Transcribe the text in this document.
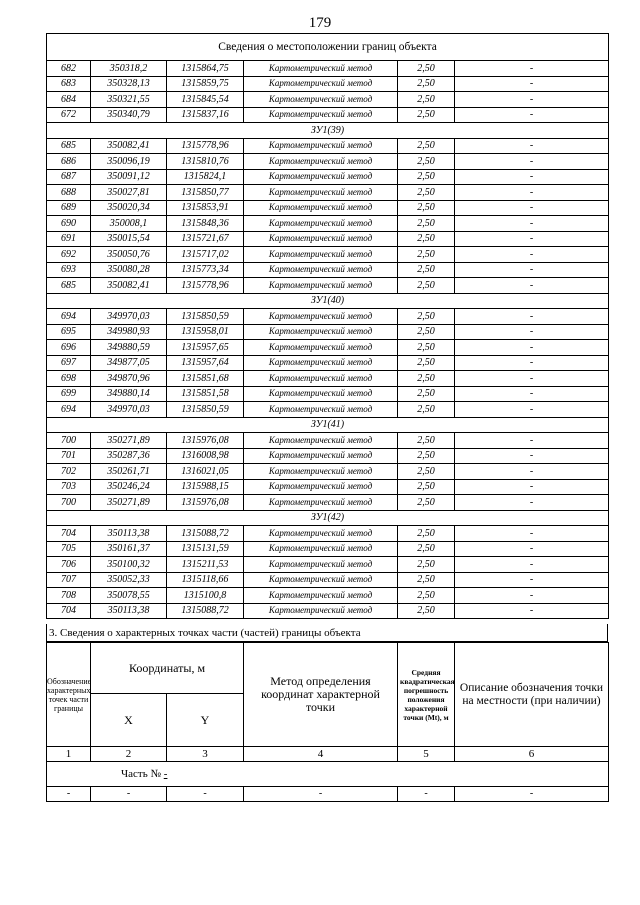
179
Сведения о местоположении границ объекта					
682	350318,2	1315864,75	Картометрический метод	2,50	-
683	350328,13	1315859,75	Картометрический метод	2,50	-
684	350321,55	1315845,54	Картометрический метод	2,50	-
672	350340,79	1315837,16	Картометрический метод	2,50	-
ЗУ1(39)					
685	350082,41	1315778,96	Картометрический метод	2,50	-
686	350096,19	1315810,76	Картометрический метод	2,50	-
687	350091,12	1315824,1	Картометрический метод	2,50	-
688	350027,81	1315850,77	Картометрический метод	2,50	-
689	350020,34	1315853,91	Картометрический метод	2,50	-
690	350008,1	1315848,36	Картометрический метод	2,50	-
691	350015,54	1315721,67	Картометрический метод	2,50	-
692	350050,76	1315717,02	Картометрический метод	2,50	-
693	350080,28	1315773,34	Картометрический метод	2,50	-
685	350082,41	1315778,96	Картометрический метод	2,50	-
ЗУ1(40)					
694	349970,03	1315850,59	Картометрический метод	2,50	-
695	349980,93	1315958,01	Картометрический метод	2,50	-
696	349880,59	1315957,65	Картометрический метод	2,50	-
697	349877,05	1315957,64	Картометрический метод	2,50	-
698	349870,96	1315851,68	Картометрический метод	2,50	-
699	349880,14	1315851,58	Картометрический метод	2,50	-
694	349970,03	1315850,59	Картометрический метод	2,50	-
ЗУ1(41)					
700	350271,89	1315976,08	Картометрический метод	2,50	-
701	350287,36	1316008,98	Картометрический метод	2,50	-
702	350261,71	1316021,05	Картометрический метод	2,50	-
703	350246,24	1315988,15	Картометрический метод	2,50	-
700	350271,89	1315976,08	Картометрический метод	2,50	-
ЗУ1(42)					
704	350113,38	1315088,72	Картометрический метод	2,50	-
705	350161,37	1315131,59	Картометрический метод	2,50	-
706	350100,32	1315211,53	Картометрический метод	2,50	-
707	350052,33	1315118,66	Картометрический метод	2,50	-
708	350078,55	1315100,8	Картометрический метод	2,50	-
704	350113,38	1315088,72	Картометрический метод	2,50	-
3. Сведения о характерных точках части (частей) границы объекта
Обозначение характерных точек части границы	Координаты, м		Метод определения координат характерной точки	Средняя квадратическая погрешность положения характерной точки (Mt), м	Описание обозначения точки на местности (при наличии)
	X	Y			
1	2	3	4	5	6
Часть № -					
-	-	-	-	-	-
